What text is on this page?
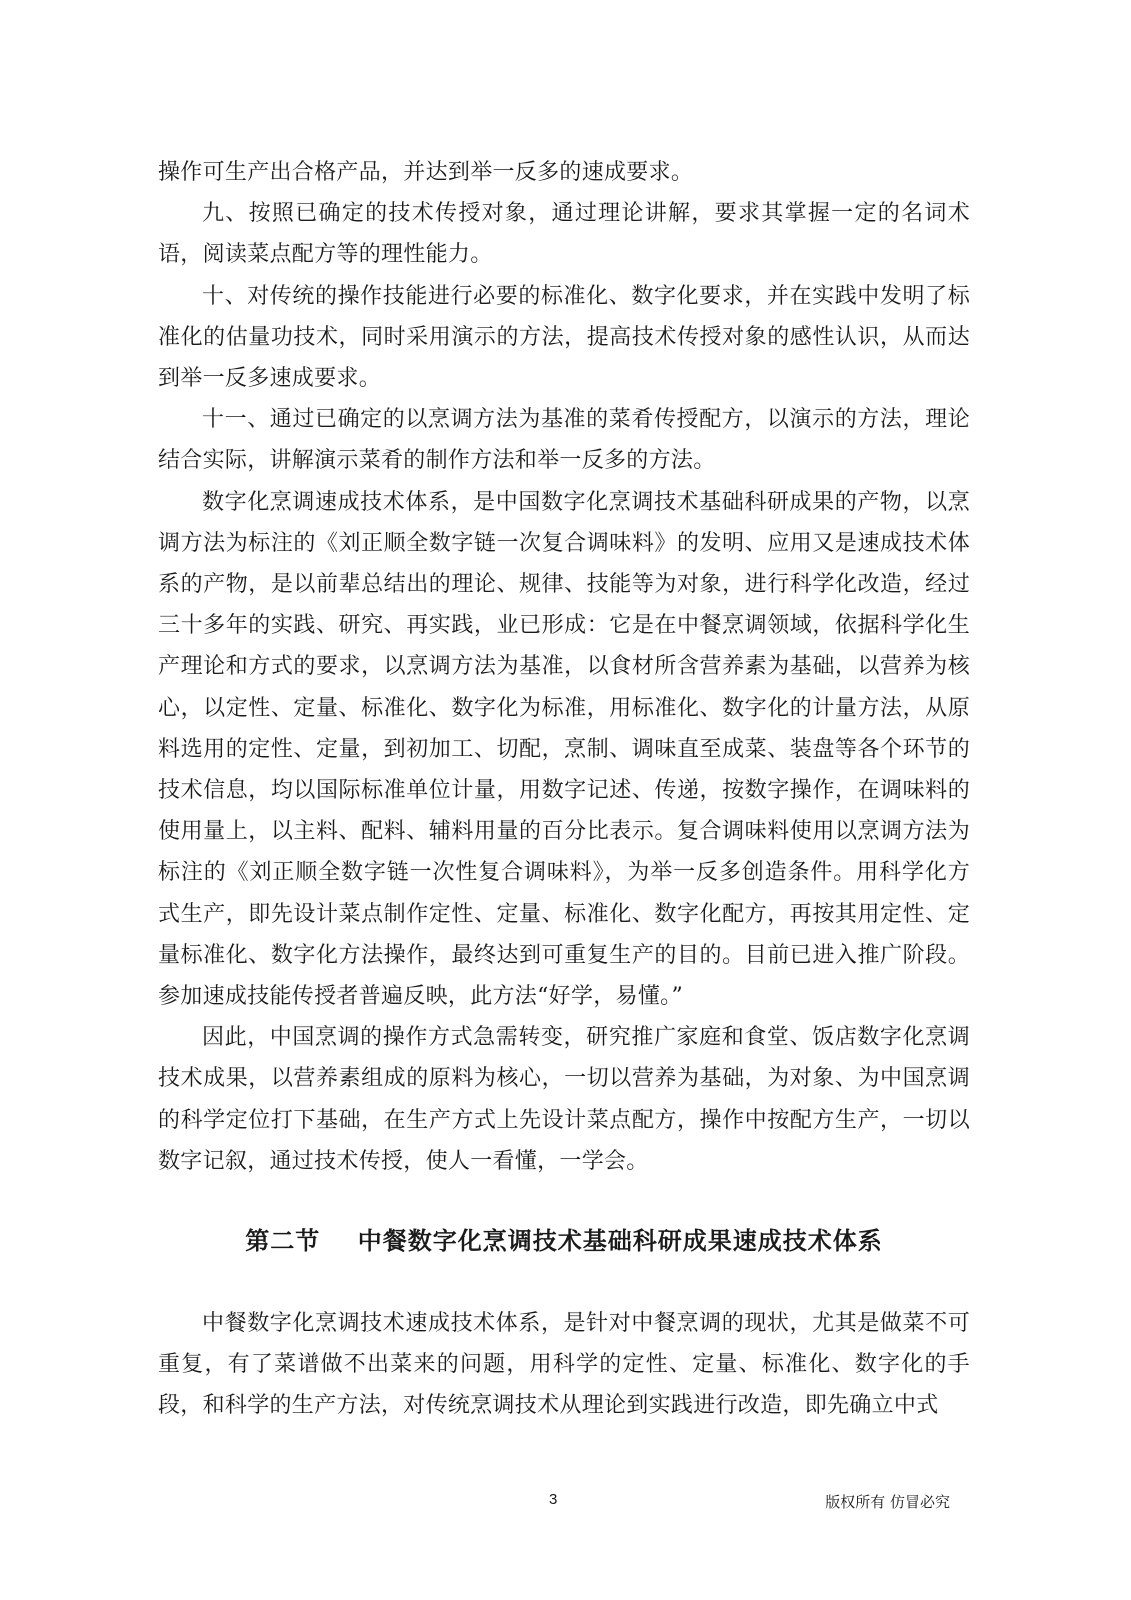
操作可生产出合格产品，并达到举一反多的速成要求。

九、按照已确定的技术传授对象，通过理论讲解，要求其掌握一定的名词术语，阅读菜点配方等的理性能力。

十、对传统的操作技能进行必要的标准化、数字化要求，并在实践中发明了标准化的估量功技术，同时采用演示的方法，提高技术传授对象的感性认识，从而达到举一反多速成要求。

十一、通过已确定的以烹调方法为基准的菜肴传授配方，以演示的方法，理论结合实际，讲解演示菜肴的制作方法和举一反多的方法。

数字化烹调速成技术体系，是中国数字化烹调技术基础科研成果的产物，以烹调方法为标注的《刘正顺全数字链一次复合调味料》的发明、应用又是速成技术体系的产物，是以前辈总结出的理论、规律、技能等为对象，进行科学化改造，经过三十多年的实践、研究、再实践，业已形成：它是在中餐烹调领域，依据科学化生产理论和方式的要求，以烹调方法为基准，以食材所含营养素为基础，以营养为核心，以定性、定量、标准化、数字化为标准，用标准化、数字化的计量方法，从原料选用的定性、定量，到初加工、切配，烹制、调味直至成菜、装盘等各个环节的技术信息，均以国际标准单位计量，用数字记述、传递，按数字操作，在调味料的使用量上，以主料、配料、辅料用量的百分比表示。复合调味料使用以烹调方法为标注的《刘正顺全数字链一次性复合调味料》，为举一反多创造条件。用科学化方式生产，即先设计菜点制作定性、定量、标准化、数字化配方，再按其用定性、定量标准化、数字化方法操作，最终达到可重复生产的目的。目前已进入推广阶段。参加速成技能传授者普遍反映，此方法“好学，易懂。”

因此，中国烹调的操作方式急需转变，研究推广家庭和食堂、饭店数字化烹调技术成果，以营养素组成的原料为核心，一切以营养为基础，为对象、为中国烹调的科学定位打下基础，在生产方式上先设计菜点配方，操作中按配方生产，一切以数字记叙，通过技术传授，使人一看懂，一学会。

第二节    中餐数字化烹调技术基础科研成果速成技术体系

中餐数字化烹调技术速成技术体系，是针对中餐烹调的现状，尤其是做菜不可重复，有了菜谱做不出菜来的问题，用科学的定性、定量、标准化、数字化的手段，和科学的生产方法，对传统烹调技术从理论到实践进行改造，即先确立中式

3	版权所有 仿冒必究
